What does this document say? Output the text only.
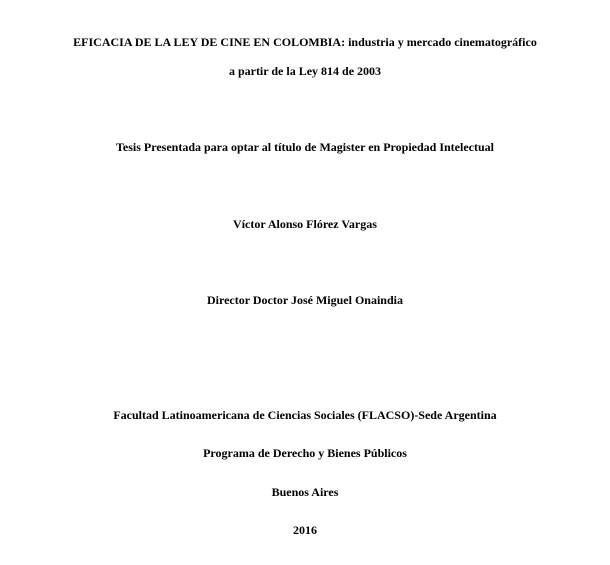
EFICACIA DE LA LEY DE CINE EN COLOMBIA: industria y mercado cinematográfico
a partir de la Ley 814 de 2003
Tesis Presentada para optar al título de Magister en Propiedad Intelectual
Víctor Alonso Flórez Vargas
Director Doctor José Miguel Onaindia
Facultad Latinoamericana de Ciencias Sociales (FLACSO)-Sede Argentina
Programa de Derecho y Bienes Públicos
Buenos Aires
2016
